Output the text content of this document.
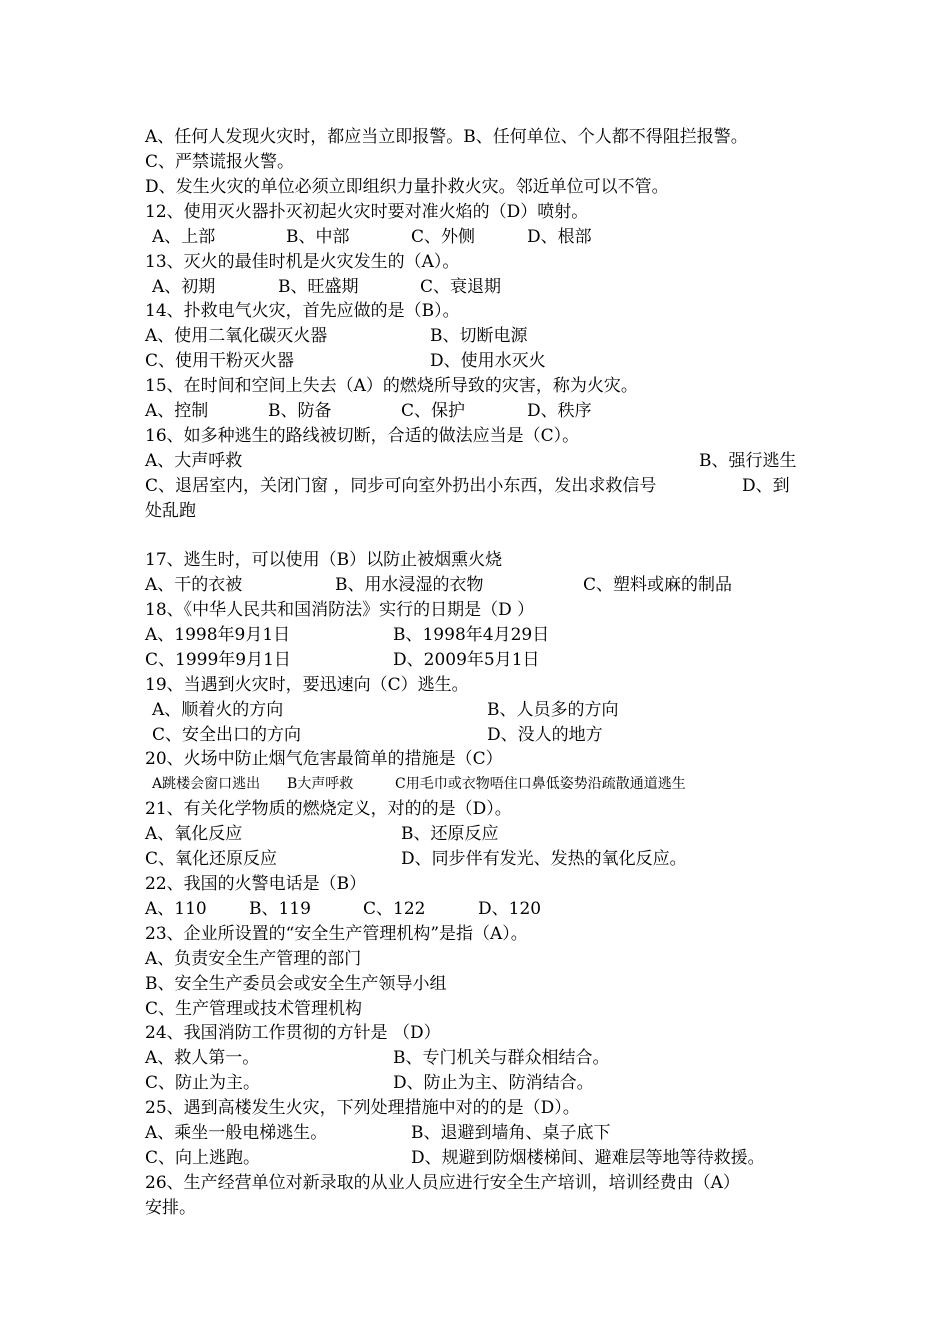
A、任何人发现火灾时，都应当立即报警。B、任何单位、个人都不得阻拦报警。
C、严禁谎报火警。
D、发生火灾的单位必须立即组织力量扑救火灾。邻近单位可以不管。
12、使用灭火器扑灭初起火灾时要对准火焰的（D）喷射。
A、上部	B、中部	C、外侧	D、根部
13、灭火的最佳时机是火灾发生的（A）。
A、初期	B、旺盛期	C、衰退期
14、扑救电气火灾，首先应做的是（B）。
A、使用二氧化碳灭火器	B、切断电源
C、使用干粉灭火器	D、使用水灭火
15、在时间和空间上失去（A）的燃烧所导致的灾害，称为火灾。
A、控制	B、防备	C、保护	D、秩序
16、如多种逃生的路线被切断，合适的做法应当是（C）。
A、大声呼救	B、强行逃生
C、退居室内，关闭门窗 ，同步可向室外扔出小东西，发出求救信号	D、到
处乱跑
17、逃生时，可以使用（B）以防止被烟熏火烧
A、干的衣被	B、用水浸湿的衣物	C、塑料或麻的制品
18、《中华人民共和国消防法》实行的日期是（D ）
A、1998年9月1日	B、1998年4月29日
C、1999年9月1日	D、2009年5月1日
19、当遇到火灾时，要迅速向（C）逃生。
A、顺着火的方向	B、人员多的方向
C、安全出口的方向	D、没人的地方
20、火场中防止烟气危害最简单的措施是（C）
A跳楼会窗口逃出 B大声呼救	C用毛巾或衣物唔住口鼻低姿势沿疏散通道逃生
21、有关化学物质的燃烧定义，对的的是（D）。
A、氧化反应	B、还原反应
C、氧化还原反应	D、同步伴有发光、发热的氧化反应。
22、我国的火警电话是（B）
A、110 B、119	C、122	D、120
23、企业所设置的“安全生产管理机构”是指（A）。
A、负责安全生产管理的部门
B、安全生产委员会或安全生产领导小组
C、生产管理或技术管理机构
24、我国消防工作贯彻的方针是 （D）
A、救人第一。	B、专门机关与群众相结合。
C、防止为主。	D、防止为主、防消结合。
25、遇到高楼发生火灾，下列处理措施中对的的是（D）。
A、乘坐一般电梯逃生。	B、退避到墙角、桌子底下
C、向上逃跑。	D、规避到防烟楼梯间、避难层等地等待救援。
26、生产经营单位对新录取的从业人员应进行安全生产培训，培训经费由（A）
安排。
